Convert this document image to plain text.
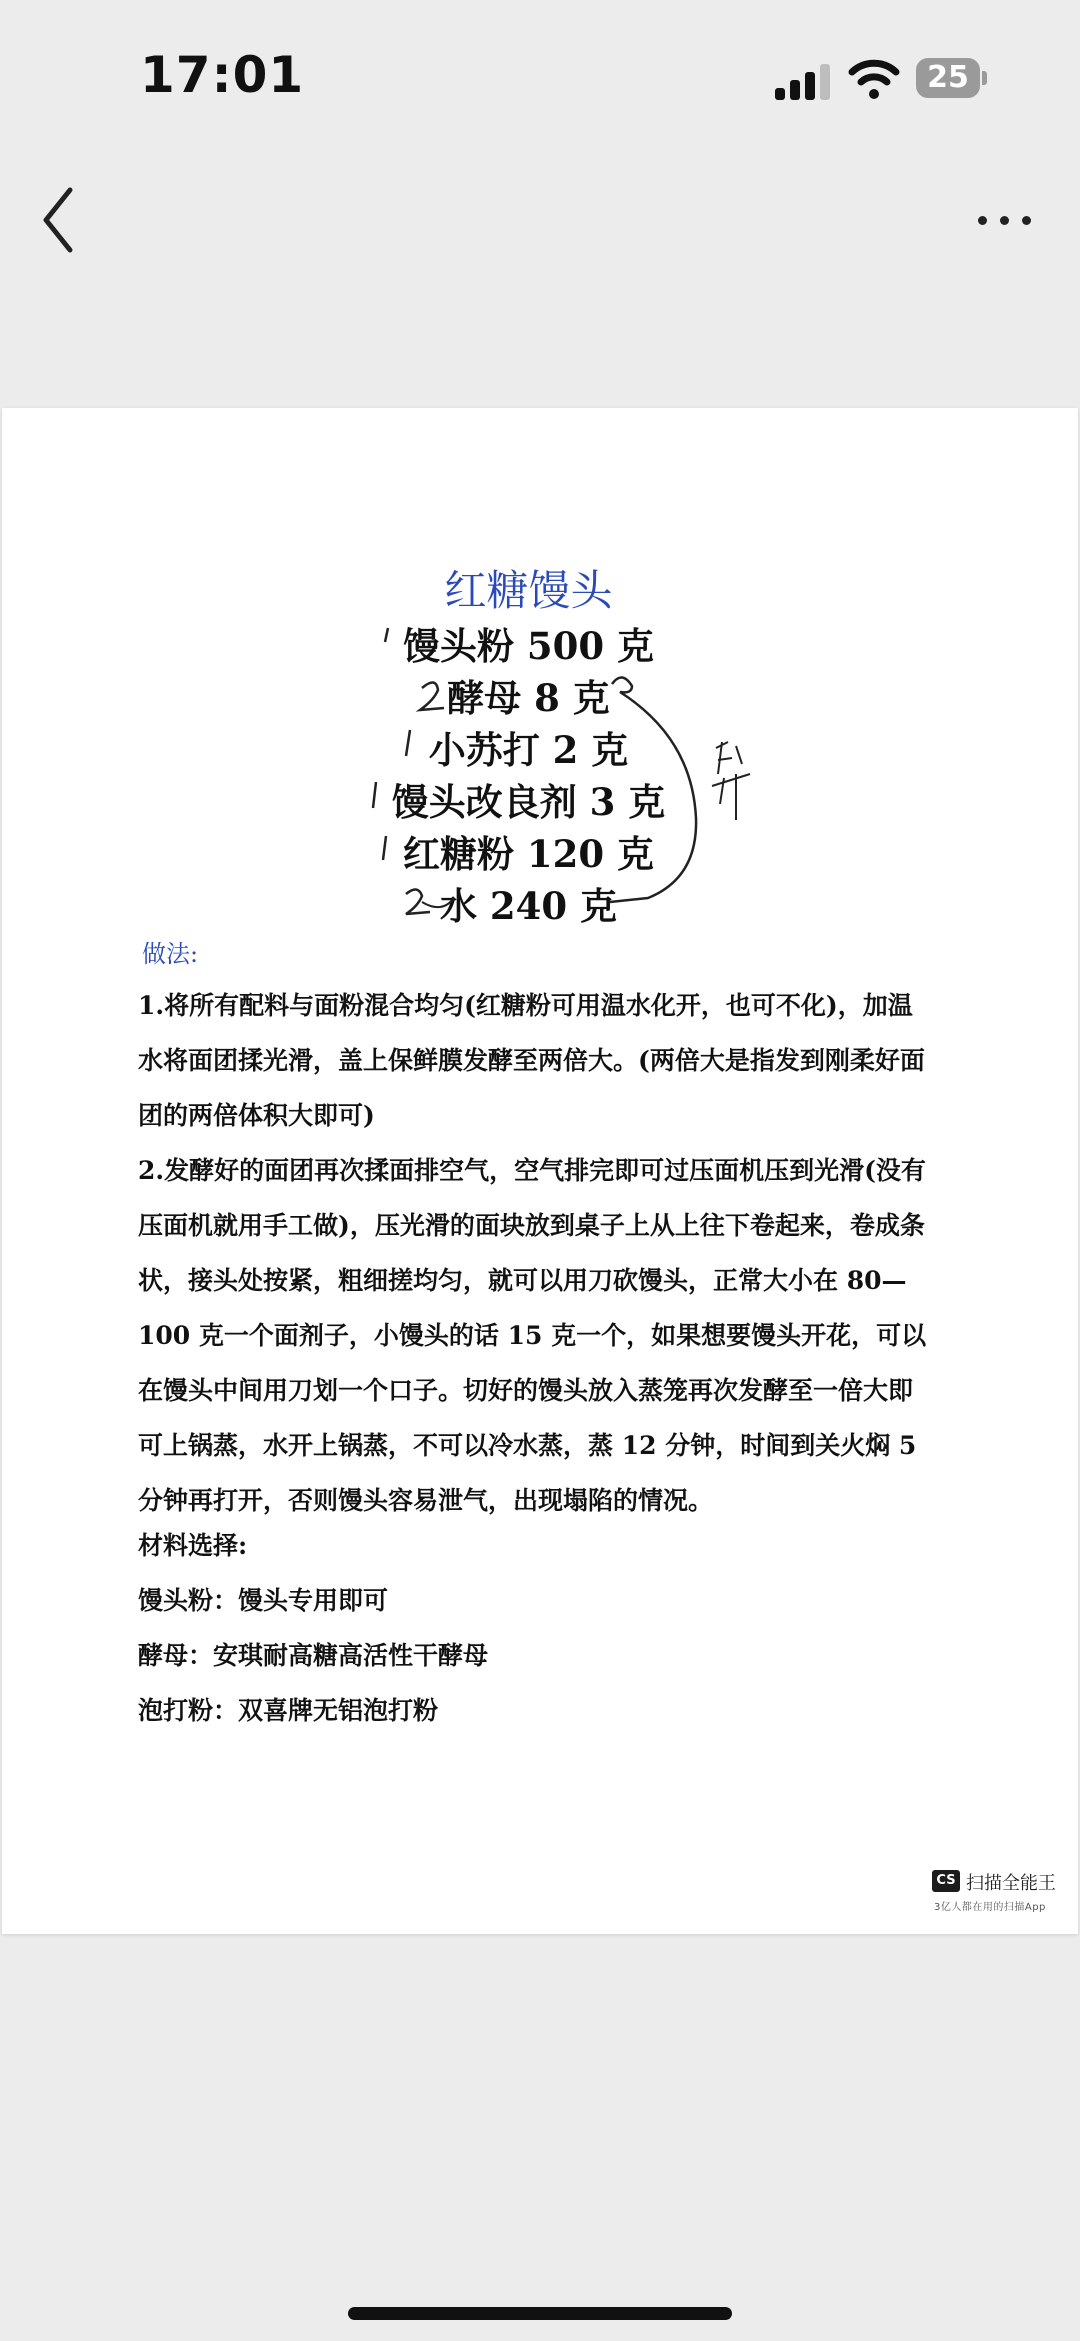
17:01	25
红糖馒头
馒头粉 500 克
酵母 8 克
小苏打 2 克
馒头改良剂 3 克
红糖粉 120 克
水 240 克
做法:
1.将所有配料与面粉混合均匀(红糖粉可用温水化开，也可不化)，加温水将面团揉光滑，盖上保鲜膜发酵至两倍大。(两倍大是指发到刚柔好面团的两倍体积大即可)
2.发酵好的面团再次揉面排空气，空气排完即可过压面机压到光滑(没有压面机就用手工做)，压光滑的面块放到桌子上从上往下卷起来，卷成条状，接头处按紧，粗细搓均匀，就可以用刀砍馒头，正常大小在 80—100 克一个面剂子，小馒头的话 15 克一个，如果想要馒头开花，可以在馒头中间用刀划一个口子。切好的馒头放入蒸笼再次发酵至一倍大即可上锅蒸，水开上锅蒸，不可以冷水蒸，蒸 12 分钟，时间到关火焖 5 分钟再打开，否则馒头容易泄气，出现塌陷的情况。
材料选择:
馒头粉：馒头专用即可
酵母：安琪耐高糖高活性干酵母
泡打粉：双喜牌无铝泡打粉
CS 扫描全能王
3亿人都在用的扫描App
